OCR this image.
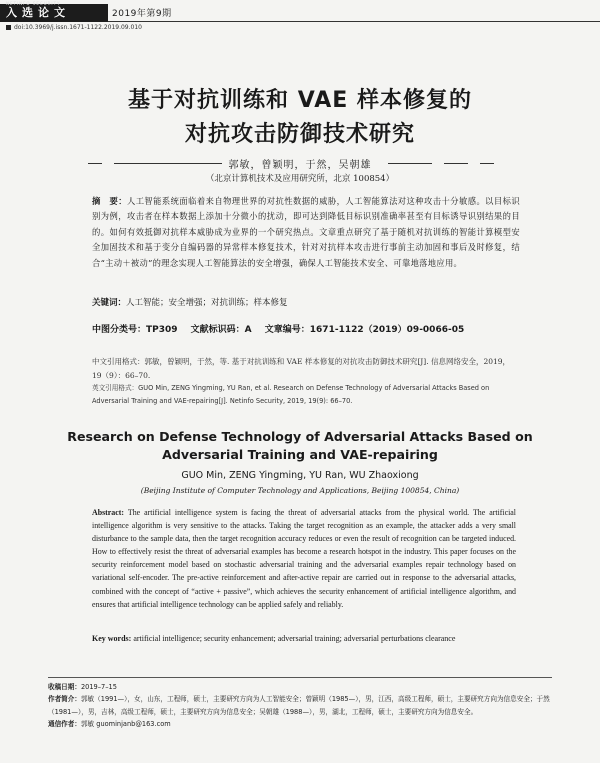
NETINFO SECURITY
入选论文	2019年第9期
doi:10.3969/j.issn.1671-1122.2019.09.010
基于对抗训练和 VAE 样本修复的
对抗攻击防御技术研究
郭敏，曾颖明，于然，吴朝雄
（北京计算机技术及应用研究所，北京 100854）
摘　要：人工智能系统面临着来自物理世界的对抗性数据的威胁，人工智能算法对这种攻击十分敏感。以目标识别为例，攻击者在样本数据上添加十分微小的扰动，即可达到降低目标识别准确率甚至有目标诱导识别结果的目的。如何有效抵御对抗样本威胁成为业界的一个研究热点。文章重点研究了基于随机对抗训练的智能计算模型安全加固技术和基于变分自编码器的异常样本修复技术，针对对抗样本攻击进行事前主动加固和事后及时修复，结合“主动＋被动”的理念实现人工智能算法的安全增强，确保人工智能技术安全、可靠地落地应用。
关键词：人工智能；安全增强；对抗训练；样本修复
中图分类号：TP309 文献标识码：A 文章编号：1671-1122（2019）09-0066-05
中文引用格式：郭敏，曾颖明，于然，等. 基于对抗训练和 VAE 样本修复的对抗攻击防御技术研究[J]. 信息网络安全，2019，19（9）：66–70.
英文引用格式：GUO Min, ZENG Yingming, YU Ran, et al. Research on Defense Technology of Adversarial Attacks Based on Adversarial Training and VAE-repairing[J]. Netinfo Security, 2019, 19(9): 66–70.
Research on Defense Technology of Adversarial Attacks Based on Adversarial Training and VAE-repairing
GUO Min, ZENG Yingming, YU Ran, WU Zhaoxiong
(Beijing Institute of Computer Technology and Applications, Beijing 100854, China)
Abstract: The artificial intelligence system is facing the threat of adversarial attacks from the physical world. The artificial intelligence algorithm is very sensitive to the attacks. Taking the target recognition as an example, the attacker adds a very small disturbance to the sample data, then the target recognition accuracy reduces or even the result of recognition can be targeted induced. How to effectively resist the threat of adversarial examples has become a research hotspot in the industry. This paper focuses on the security reinforcement model based on stochastic adversarial training and the adversarial examples repair technology based on variational self-encoder. The pre-active reinforcement and after-active repair are carried out in response to the adversarial attacks, combined with the concept of “active + passive”, which achieves the security enhancement of artificial intelligence algorithm, and ensures that artificial intelligence technology can be applied safely and reliably.
Key words: artificial intelligence; security enhancement; adversarial training; adversarial perturbations clearance
收稿日期：2019–7–15
作者简介：郭敏（1991—），女，山东，工程师，硕士，主要研究方向为人工智能安全；曾颖明（1985—），男，江西，高级工程师，硕士，主要研究方向为信息安全；于然（1981—），男，吉林，高级工程师，硕士，主要研究方向为信息安全；吴朝雄（1988—），男，湖北，工程师，硕士，主要研究方向为信息安全。
通信作者：郭敏 guominjanb@163.com
